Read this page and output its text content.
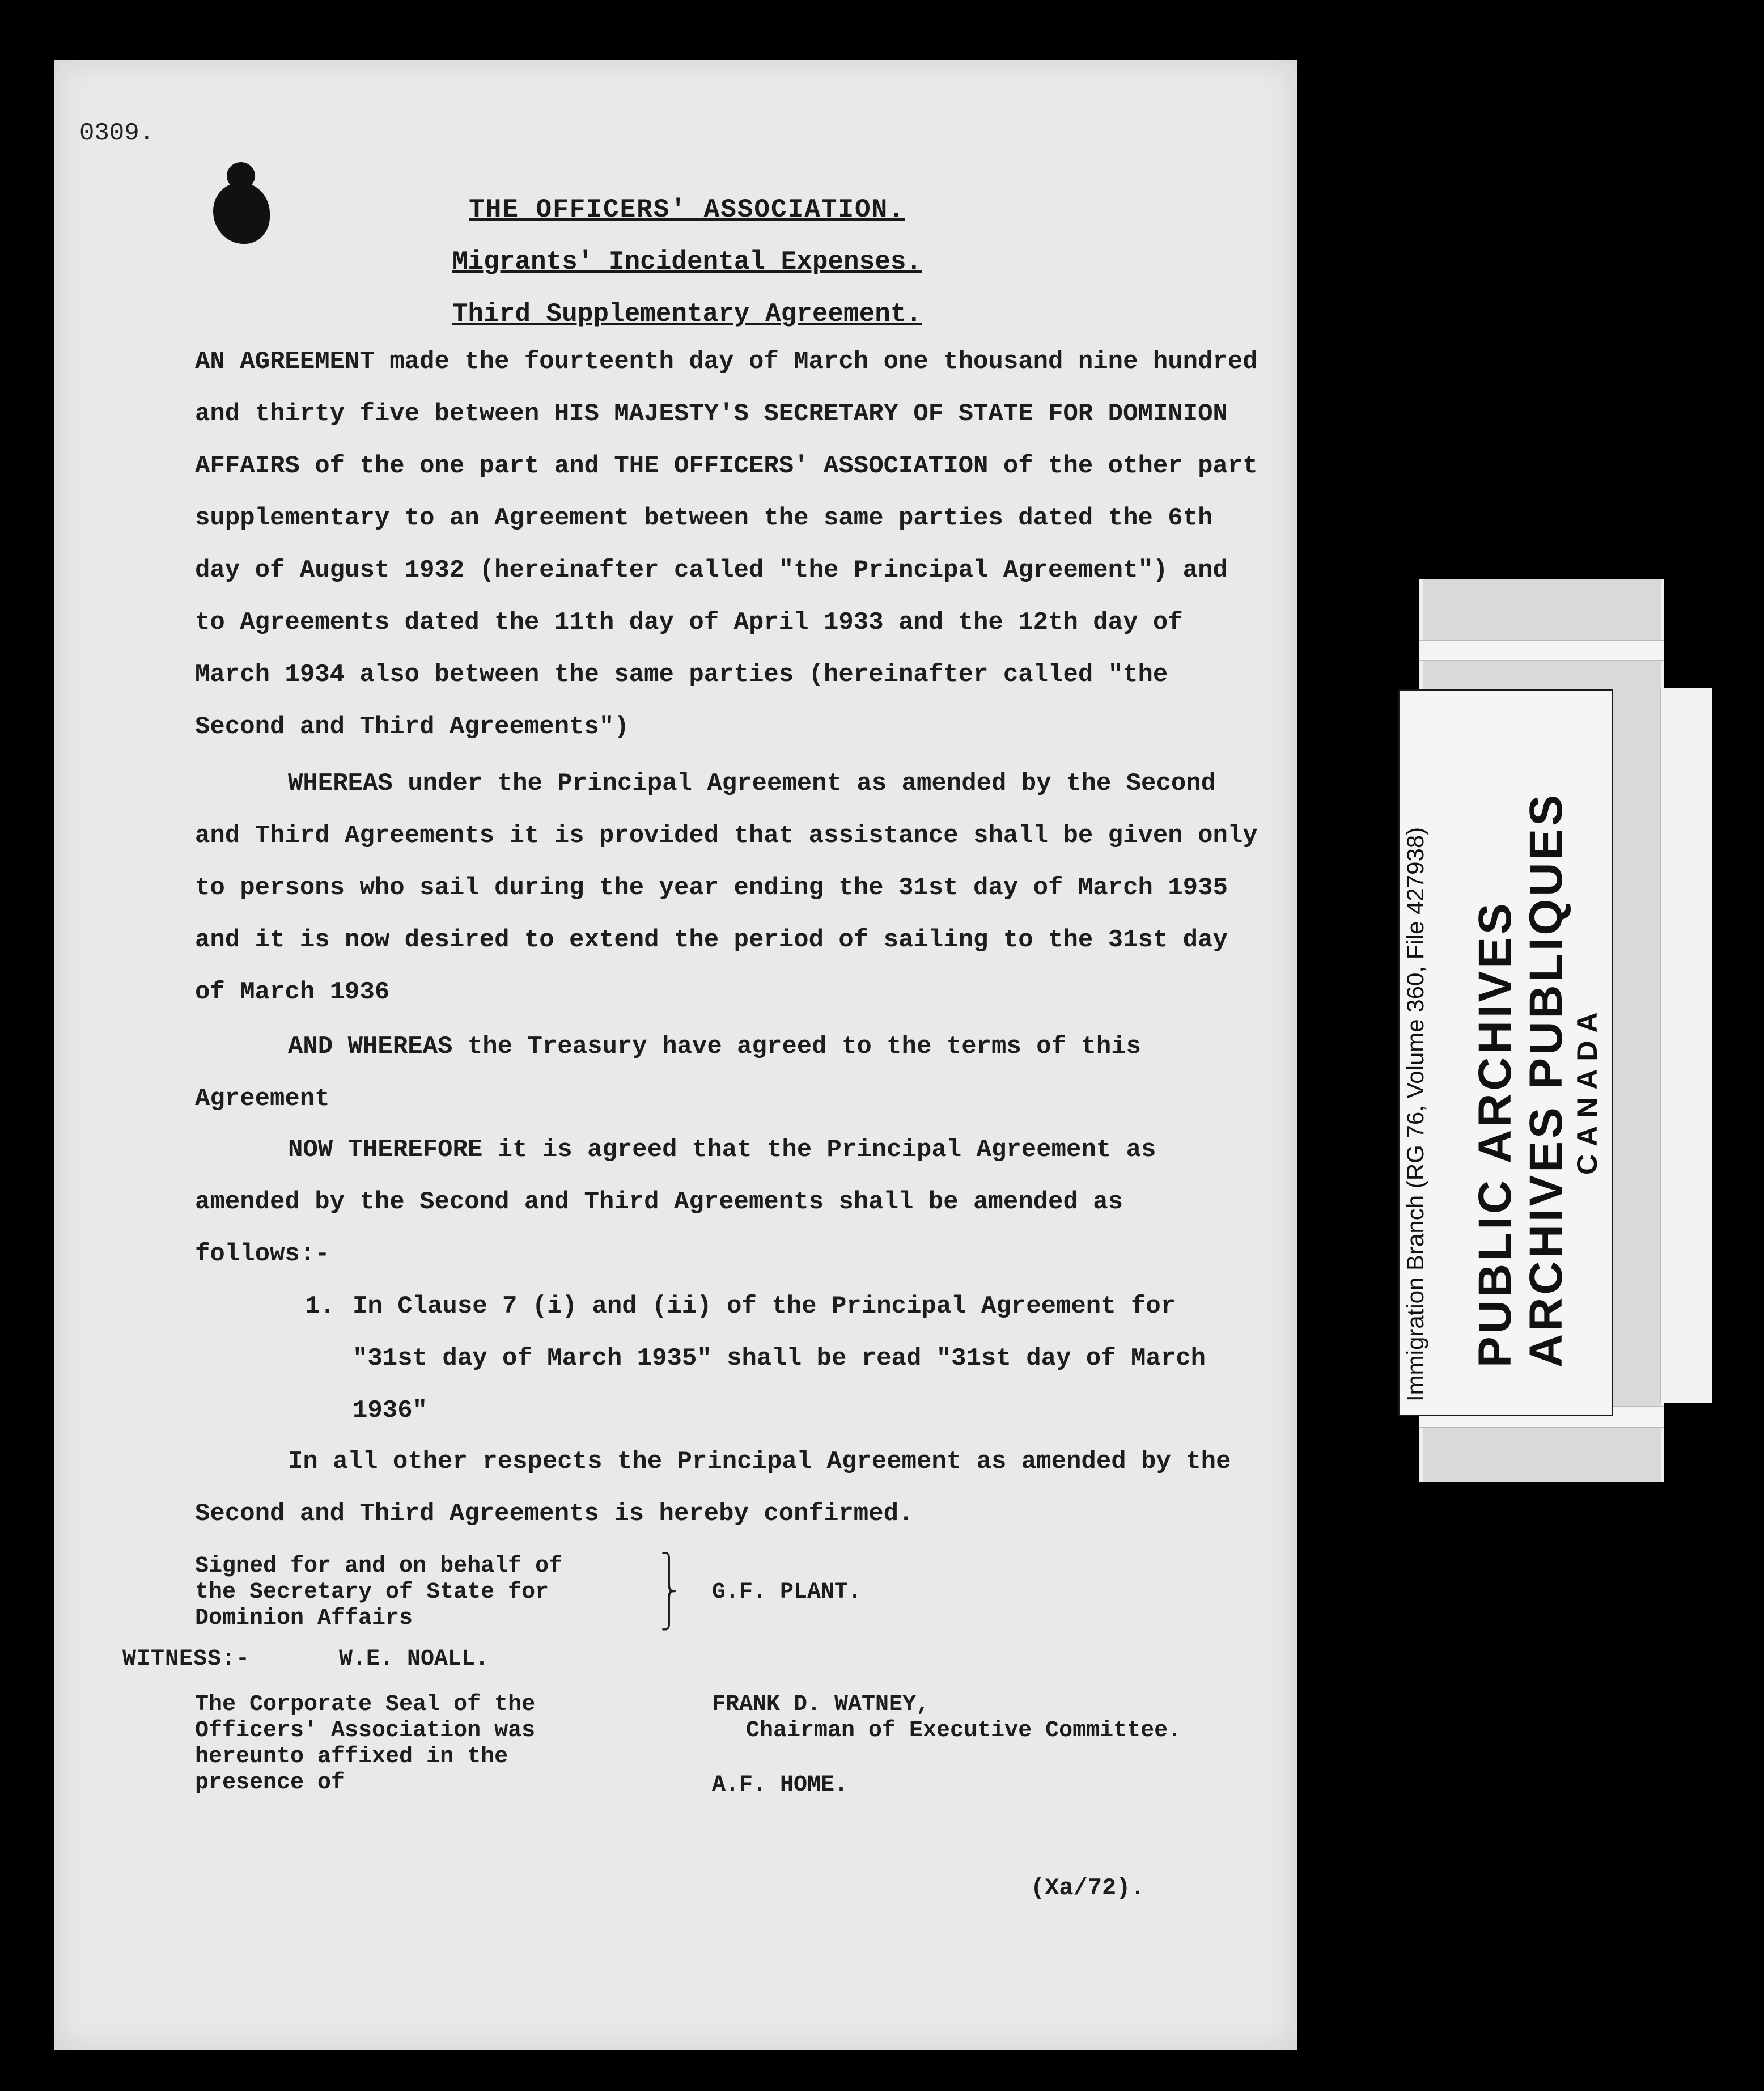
0309.
THE OFFICERS' ASSOCIATION.
Migrants' Incidental Expenses.
Third Supplementary Agreement.

AN AGREEMENT made the fourteenth day of March one thousand nine hundred and thirty five between HIS MAJESTY'S SECRETARY OF STATE FOR DOMINION AFFAIRS of the one part and THE OFFICERS' ASSOCIATION of the other part supplementary to an Agreement between the same parties dated the 6th day of August 1932 (hereinafter called "the Principal Agreement") and to Agreements dated the 11th day of April 1933 and the 12th day of March 1934 also between the same parties (hereinafter called "the Second and Third Agreements")

WHEREAS under the Principal Agreement as amended by the Second and Third Agreements it is provided that assistance shall be given only to persons who sail during the year ending the 31st day of March 1935 and it is now desired to extend the period of sailing to the 31st day of March 1936

AND WHEREAS the Treasury have agreed to the terms of this Agreement

NOW THEREFORE it is agreed that the Principal Agreement as amended by the Second and Third Agreements shall be amended as follows:-

1. In Clause 7 (i) and (ii) of the Principal Agreement for "31st day of March 1935" shall be read "31st day of March 1936"

In all other respects the Principal Agreement as amended by the Second and Third Agreements is hereby confirmed.

Signed for and on behalf of
the Secretary of State for
Dominion Affairs
⎫
⎬
⎭
G.F. PLANT.
WITNESS:-	W.E. NOALL.
The Corporate Seal of the
Officers' Association was
hereunto affixed in the
presence of
FRANK D. WATNEY,
Chairman of Executive Committee.
A.F. HOME.
(Xa/72).
Immigration Branch (RG 76, Volume 360, File 427938) PUBLIC ARCHIVES ARCHIVES PUBLIQUES CANADA
